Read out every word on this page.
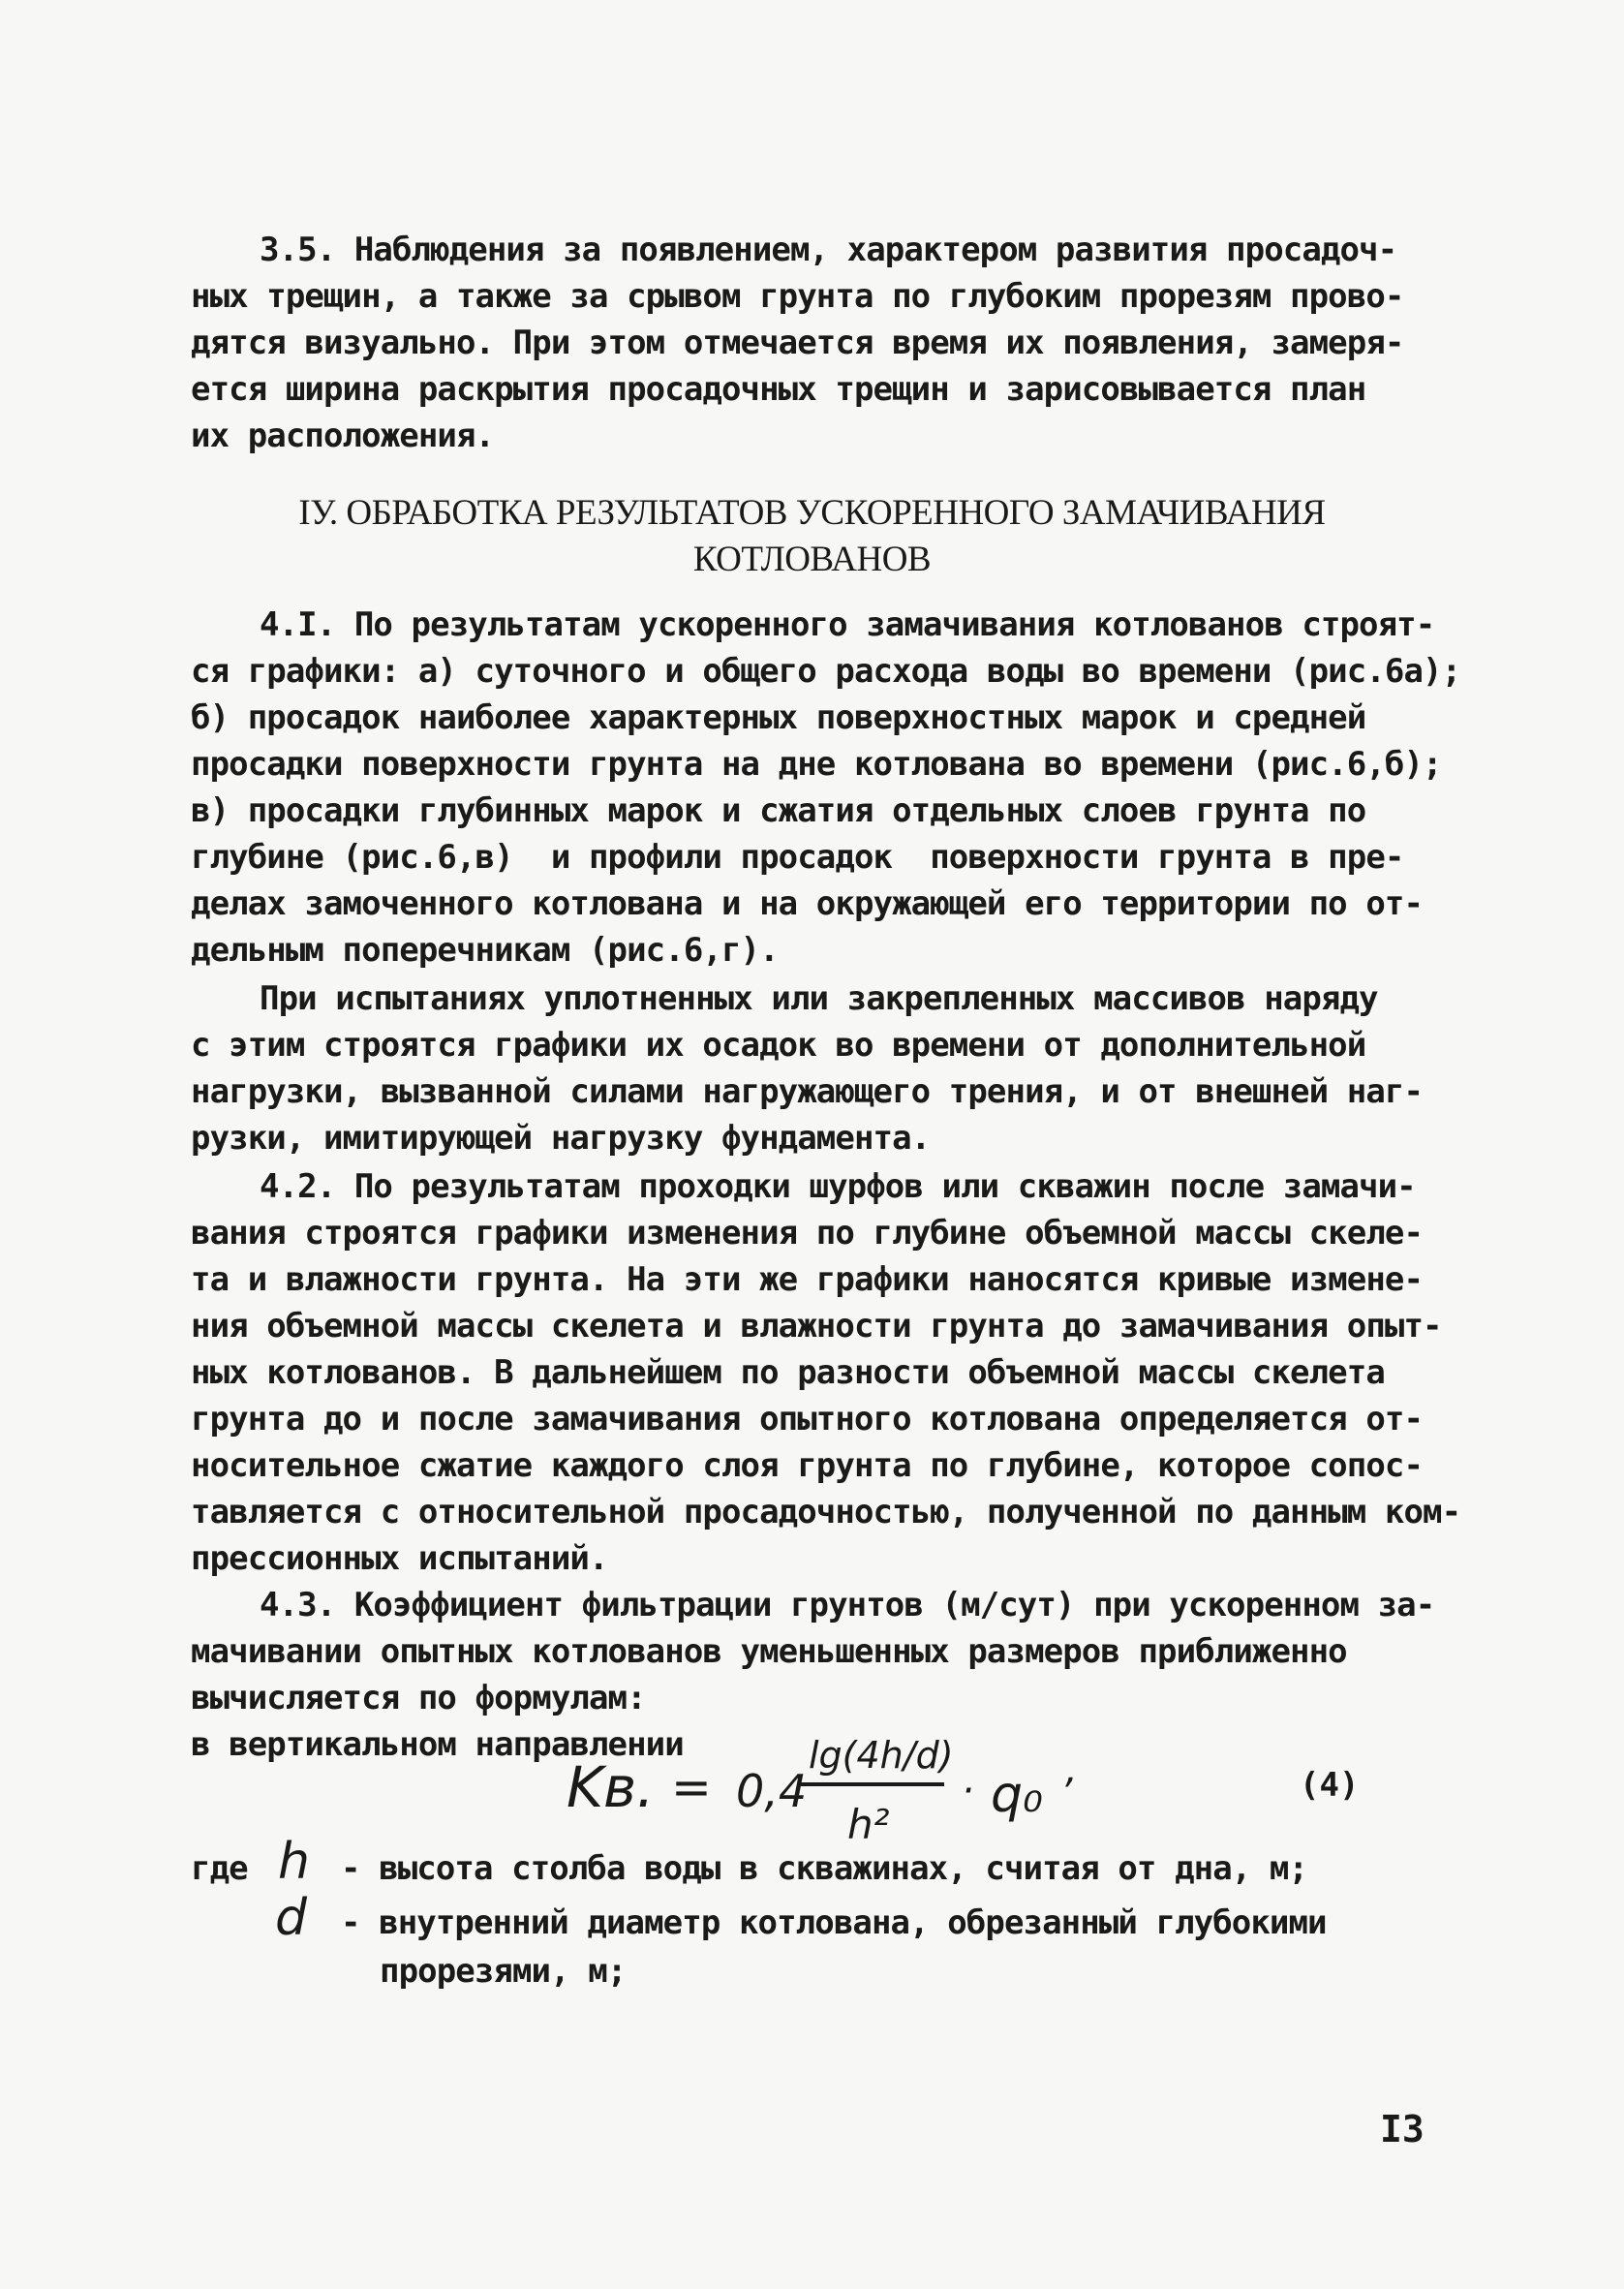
3.5. Наблюдения за появлением, характером развития просадоч-
ных трещин, а также за срывом грунта по глубоким прорезям прово-
дятся визуально. При этом отмечается время их появления, замеря-
ется ширина раскрытия просадочных трещин и зарисовывается план
их расположения.
IУ. ОБРАБОТКА РЕЗУЛЬТАТОВ УСКОРЕННОГО ЗАМАЧИВАНИЯ
КОТЛОВАНОВ
4.I. По результатам ускоренного замачивания котлованов строят-
ся графики: а) суточного и общего расхода воды во времени (рис.6а);
б) просадок наиболее характерных поверхностных марок и средней
просадки поверхности грунта на дне котлована во времени (рис.6,б);
в) просадки глубинных марок и сжатия отдельных слоев грунта по
глубине (рис.6,в)  и профили просадок  поверхности грунта в пре-
делах замоченного котлована и на окружающей его территории по от-
дельным поперечникам (рис.6,г).
При испытаниях уплотненных или закрепленных массивов наряду
с этим строятся графики их осадок во времени от дополнительной
нагрузки, вызванной силами нагружающего трения, и от внешней наг-
рузки, имитирующей нагрузку фундамента.
4.2. По результатам проходки шурфов или скважин после замачи-
вания строятся графики изменения по глубине объемной массы скеле-
та и влажности грунта. На эти же графики наносятся кривые измене-
ния объемной массы скелета и влажности грунта до замачивания опыт-
ных котлованов. В дальнейшем по разности объемной массы скелета
грунта до и после замачивания опытного котлована определяется от-
носительное сжатие каждого слоя грунта по глубине, которое сопос-
тавляется с относительной просадочностью, полученной по данным ком-
прессионных испытаний.
4.3. Коэффициент фильтрации грунтов (м/сут) при ускоренном за-
мачивании опытных котлованов уменьшенных размеров приближенно
вычисляется по формулам:
в вертикальном направлении
Kв. = 0,4
lg(4h/d)
h²
· q₀ ,	(4)
где h - высота столба воды в скважинах, считая от дна, м;
d - внутренний диаметр котлована, обрезанный глубокими
прорезями, м;
I3
